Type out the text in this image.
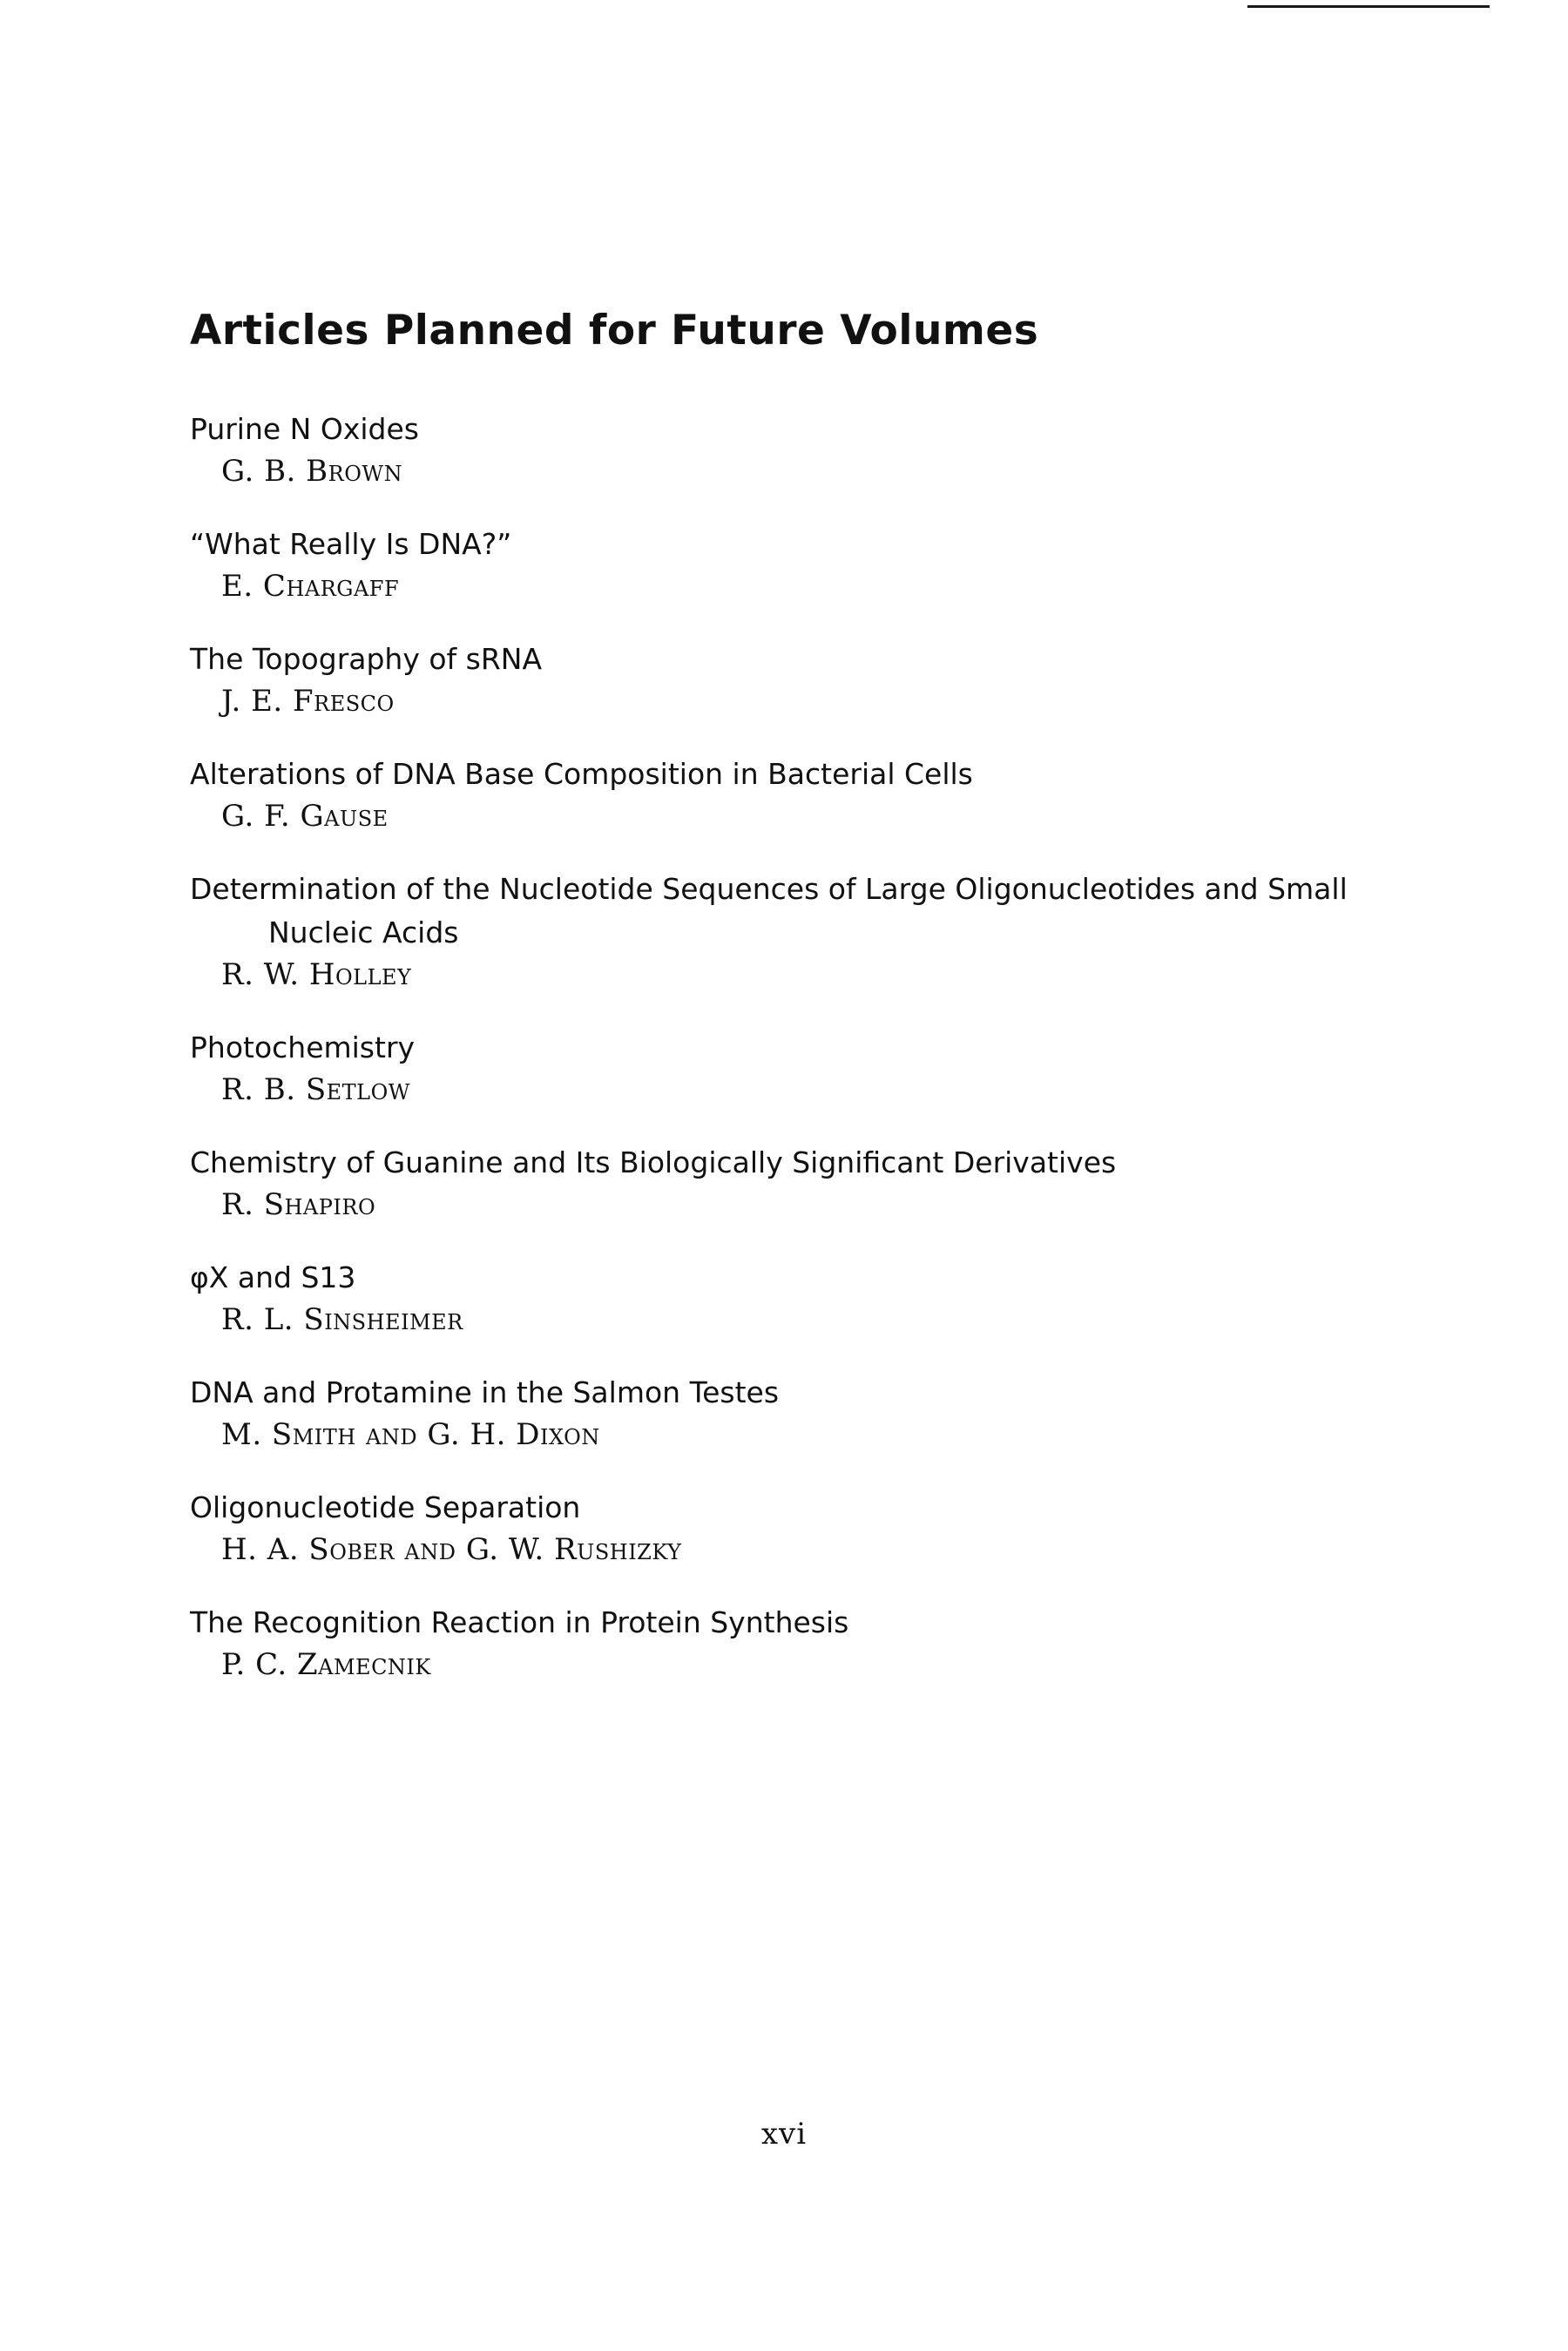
Articles Planned for Future Volumes
Purine N Oxides
G. B. Brown
“What Really Is DNA?”
E. Chargaff
The Topography of sRNA
J. E. Fresco
Alterations of DNA Base Composition in Bacterial Cells
G. F. Gause
Determination of the Nucleotide Sequences of Large Oligonucleotides and Small Nucleic Acids
R. W. Holley
Photochemistry
R. B. Setlow
Chemistry of Guanine and Its Biologically Significant Derivatives
R. Shapiro
φX and S13
R. L. Sinsheimer
DNA and Protamine in the Salmon Testes
M. Smith and G. H. Dixon
Oligonucleotide Separation
H. A. Sober and G. W. Rushizky
The Recognition Reaction in Protein Synthesis
P. C. Zamecnik
xvi
